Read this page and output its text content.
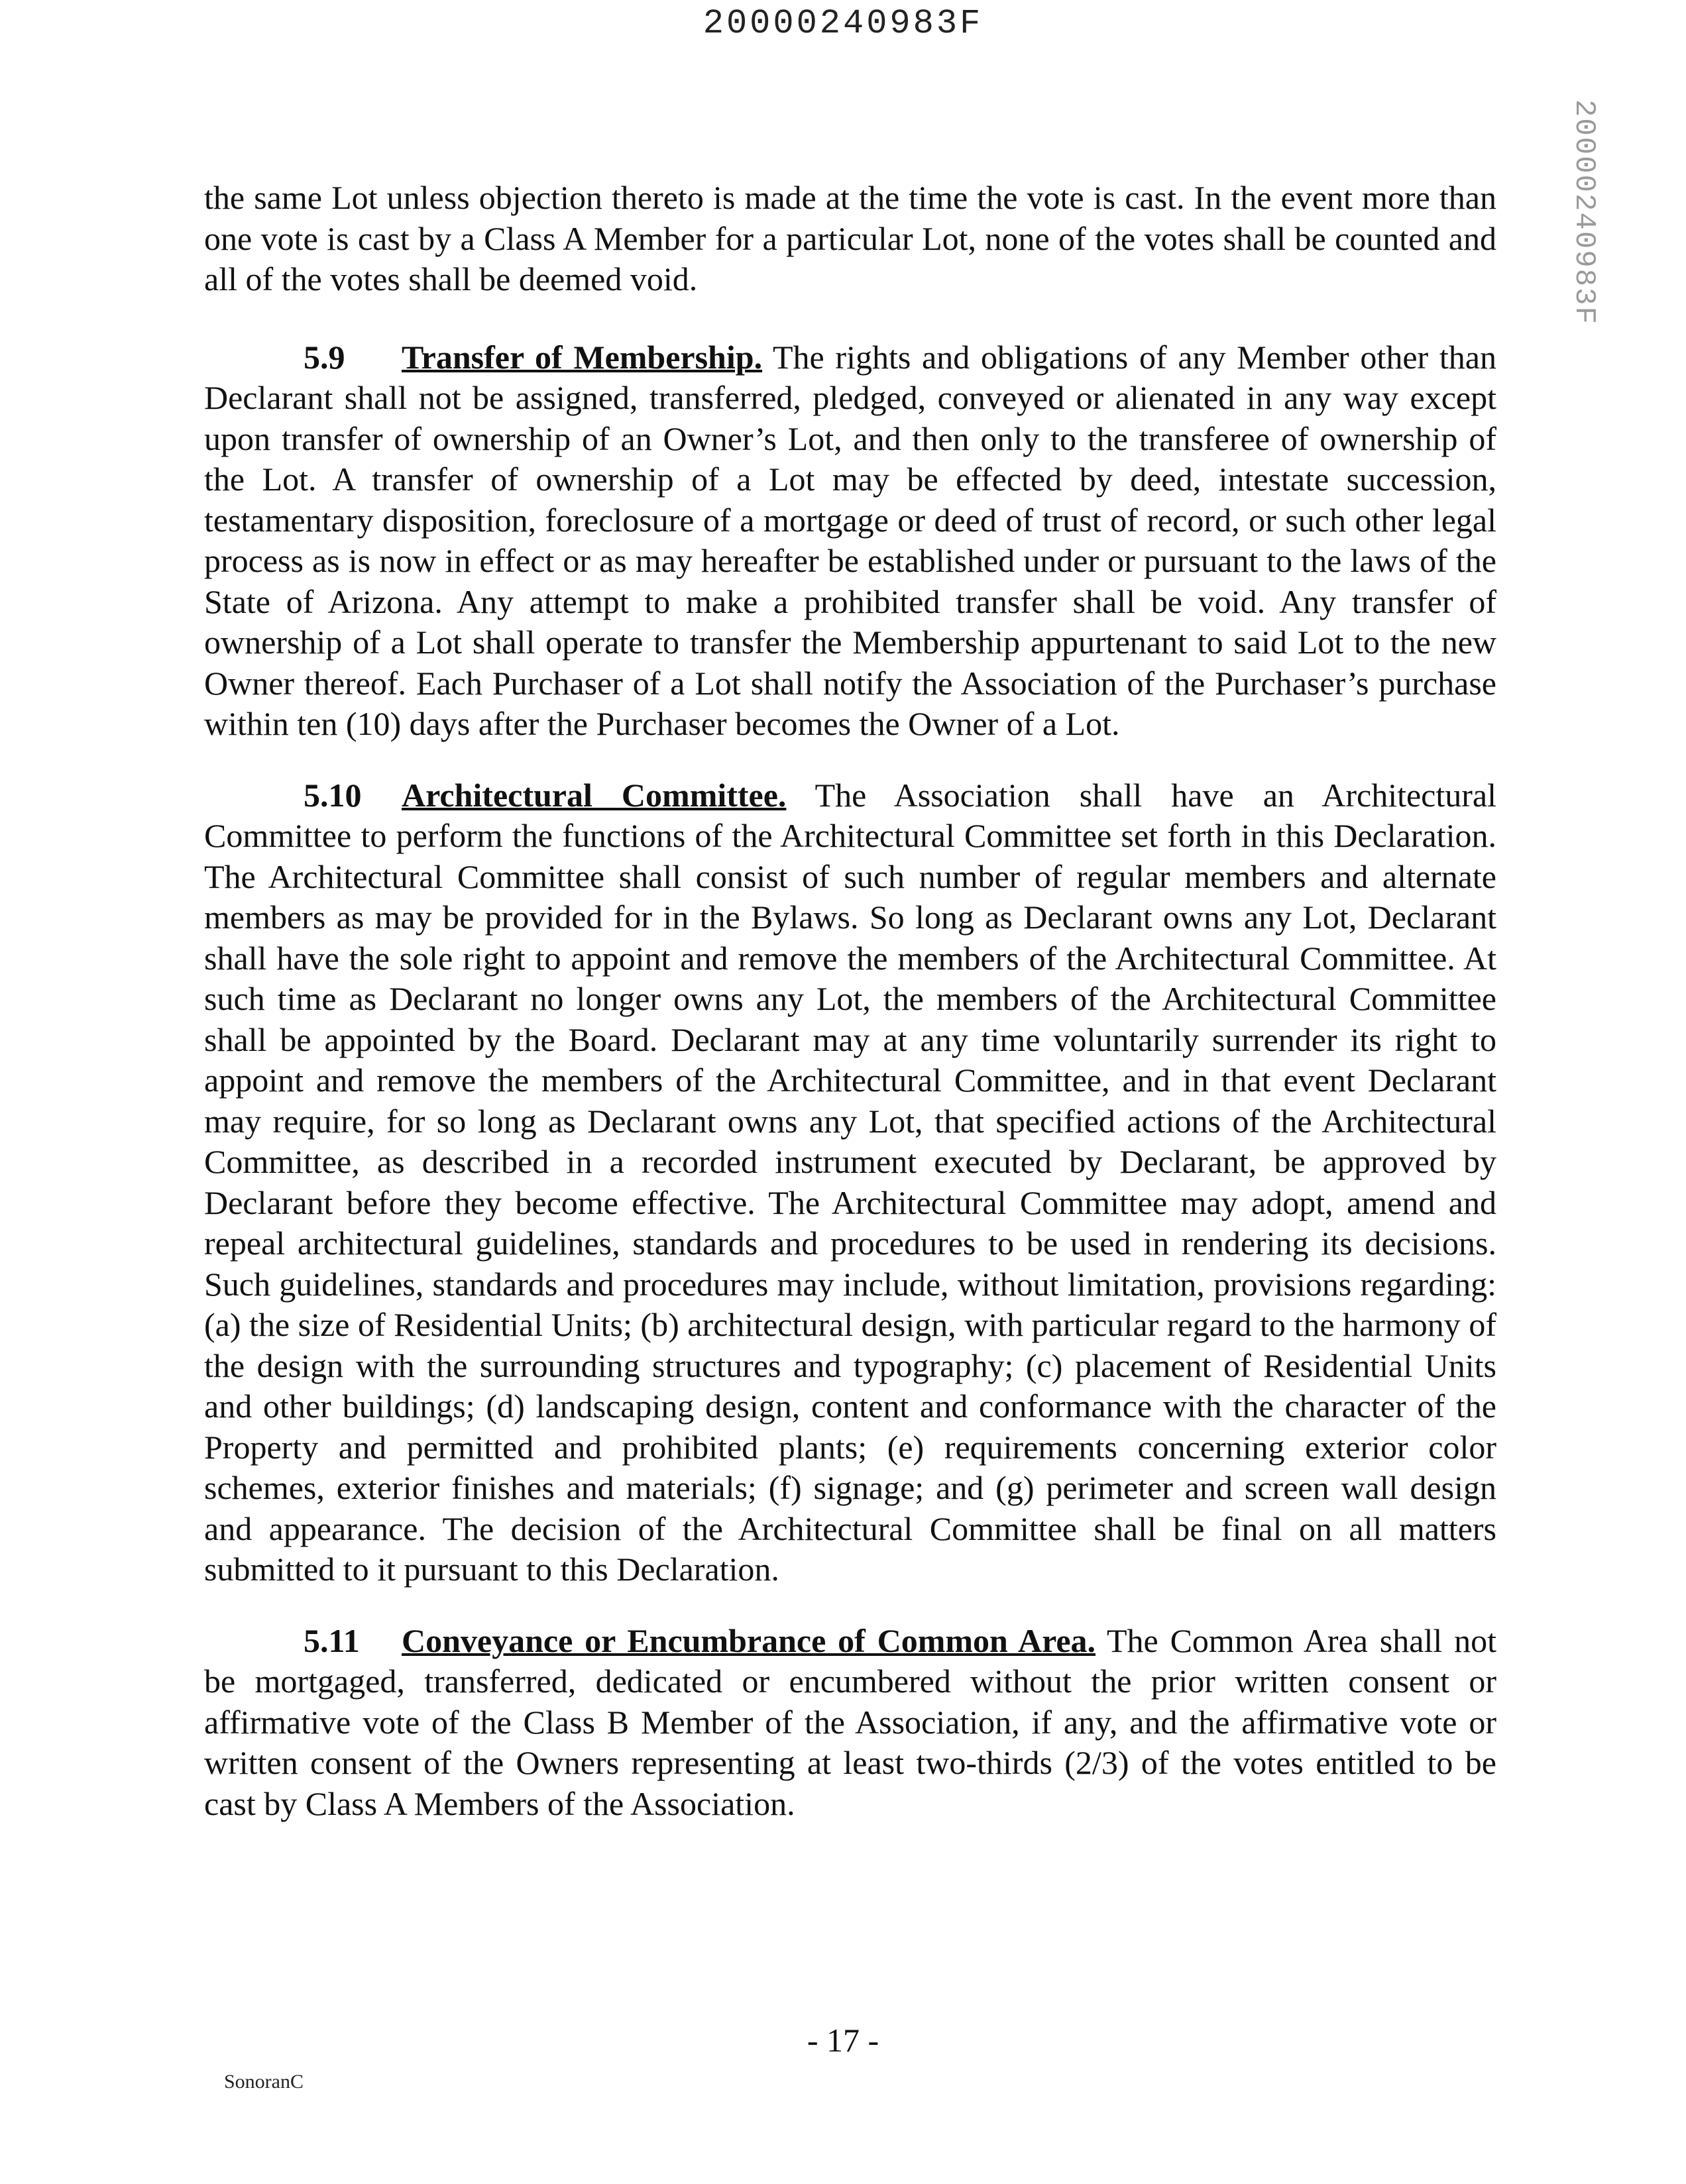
20000240983F
20000240983F

the same Lot unless objection thereto is made at the time the vote is cast. In the event more than one vote is cast by a Class A Member for a particular Lot, none of the votes shall be counted and all of the votes shall be deemed void.

5.9 Transfer of Membership. The rights and obligations of any Member other than Declarant shall not be assigned, transferred, pledged, conveyed or alienated in any way except upon transfer of ownership of an Owner’s Lot, and then only to the transferee of ownership of the Lot. A transfer of ownership of a Lot may be effected by deed, intestate succession, testamentary disposition, foreclosure of a mortgage or deed of trust of record, or such other legal process as is now in effect or as may hereafter be established under or pursuant to the laws of the State of Arizona. Any attempt to make a prohibited transfer shall be void. Any transfer of ownership of a Lot shall operate to transfer the Membership appurtenant to said Lot to the new Owner thereof. Each Purchaser of a Lot shall notify the Association of the Purchaser’s purchase within ten (10) days after the Purchaser becomes the Owner of a Lot.

5.10 Architectural Committee. The Association shall have an Architectural Committee to perform the functions of the Architectural Committee set forth in this Declaration. The Architectural Committee shall consist of such number of regular members and alternate members as may be provided for in the Bylaws. So long as Declarant owns any Lot, Declarant shall have the sole right to appoint and remove the members of the Architectural Committee. At such time as Declarant no longer owns any Lot, the members of the Architectural Committee shall be appointed by the Board. Declarant may at any time voluntarily surrender its right to appoint and remove the members of the Architectural Committee, and in that event Declarant may require, for so long as Declarant owns any Lot, that specified actions of the Architectural Committee, as described in a recorded instrument executed by Declarant, be approved by Declarant before they become effective. The Architectural Committee may adopt, amend and repeal architectural guidelines, standards and procedures to be used in rendering its decisions. Such guidelines, standards and procedures may include, without limitation, provisions regarding: (a) the size of Residential Units; (b) architectural design, with particular regard to the harmony of the design with the surrounding structures and typography; (c) placement of Residential Units and other buildings; (d) landscaping design, content and conformance with the character of the Property and permitted and prohibited plants; (e) requirements concerning exterior color schemes, exterior finishes and materials; (f) signage; and (g) perimeter and screen wall design and appearance. The decision of the Architectural Committee shall be final on all matters submitted to it pursuant to this Declaration.

5.11 Conveyance or Encumbrance of Common Area. The Common Area shall not be mortgaged, transferred, dedicated or encumbered without the prior written consent or affirmative vote of the Class B Member of the Association, if any, and the affirmative vote or written consent of the Owners representing at least two-thirds (2/3) of the votes entitled to be cast by Class A Members of the Association.

- 17 -
SonoranC
